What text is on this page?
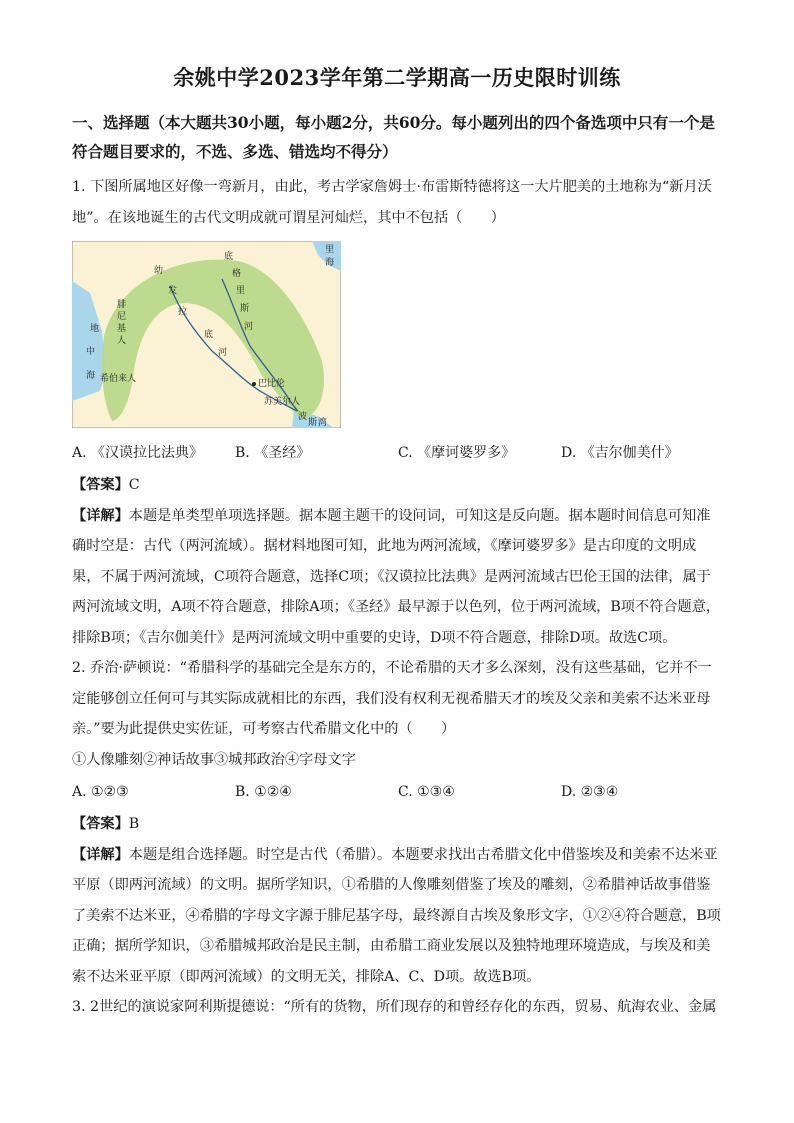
余姚中学2023学年第二学期高一历史限时训练
一、选择题（本大题共30小题，每小题2分，共60分。每小题列出的四个备选项中只有一个是符合题目要求的，不选、多选、错选均不得分）

1. 下图所属地区好像一弯新月，由此，考古学家詹姆士·布雷斯特德将这一大片肥美的土地称为“新月沃地”。在该地诞生的古代文明成就可谓星河灿烂，其中不包括（　　）

地
中
海
里
海
腓
尼
基
人
希伯来人
幼
发
拉
底
河
底
格
里
斯
河
巴比伦
苏美尔人
波
斯 湾
A. 《汉谟拉比法典》	B. 《圣经》	C. 《摩诃婆罗多》	D. 《吉尔伽美什》

【答案】C

【详解】本题是单类型单项选择题。据本题主题干的设问词，可知这是反向题。据本题时间信息可知准确时空是：古代（两河流域）。据材料地图可知，此地为两河流域，《摩诃婆罗多》是古印度的文明成果，不属于两河流域，C项符合题意，选择C项；《汉谟拉比法典》是两河流域古巴伦王国的法律，属于两河流域文明，A项不符合题意，排除A项；《圣经》最早源于以色列，位于两河流域，B项不符合题意，排除B项；《吉尔伽美什》是两河流域文明中重要的史诗，D项不符合题意，排除D项。故选C项。

2. 乔治·萨顿说：“希腊科学的基础完全是东方的，不论希腊的天才多么深刻，没有这些基础，它并不一定能够创立任何可与其实际成就相比的东西，我们没有权利无视希腊天才的埃及父亲和美索不达米亚母亲。”要为此提供史实佐证，可考察古代希腊文化中的（　　）

①人像雕刻②神话故事③城邦政治④字母文字

A. ①②③	B. ①②④	C. ①③④	D. ②③④

【答案】B

【详解】本题是组合选择题。时空是古代（希腊）。本题要求找出古希腊文化中借鉴埃及和美索不达米亚平原（即两河流域）的文明。据所学知识，①希腊的人像雕刻借鉴了埃及的雕刻，②希腊神话故事借鉴了美索不达米亚，④希腊的字母文字源于腓尼基字母，最终源自古埃及象形文字，①②④符合题意，B项正确；据所学知识，③希腊城邦政治是民主制，由希腊工商业发展以及独特地理环境造成，与埃及和美索不达米亚平原（即两河流域）的文明无关，排除A、C、D项。故选B项。

3. 2世纪的演说家阿利斯提德说：“所有的货物，所们现存的和曾经存化的东西，贸易、航海农业、金属
